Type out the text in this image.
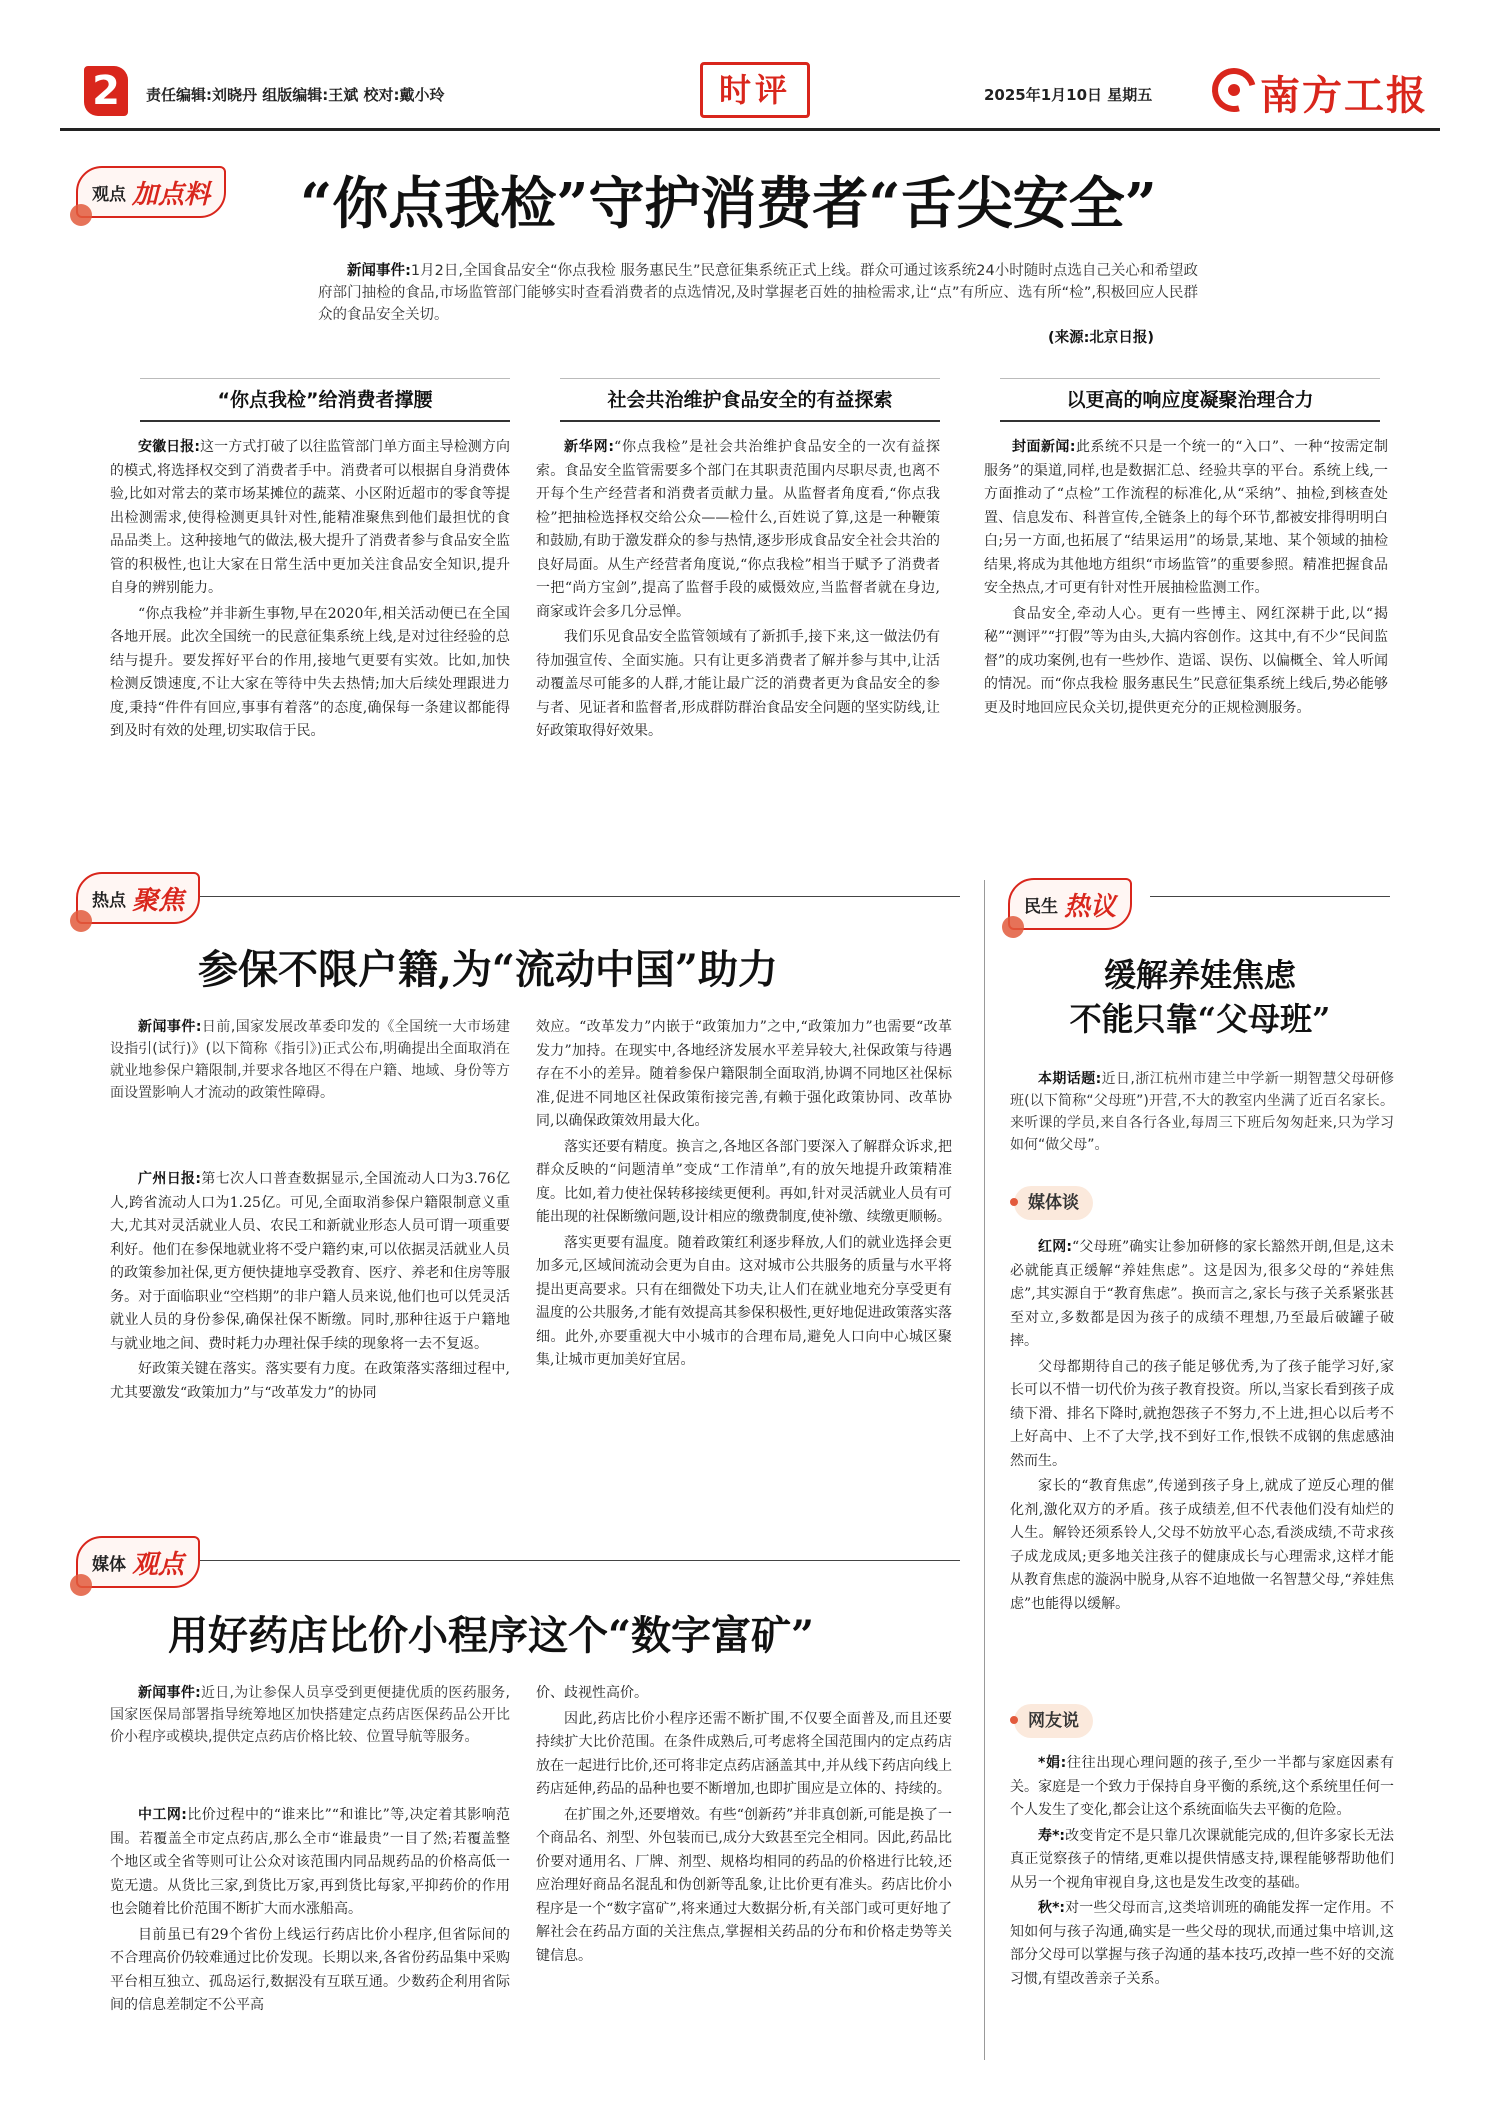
2	责任编辑:刘晓丹 组版编辑:王斌 校对:戴小玲	时评	2025年1月10日 星期五	南方工报
观点 加点料 “你点我检”守护消费者“舌尖安全”
新闻事件:1月2日,全国食品安全“你点我检 服务惠民生”民意征集系统正式上线。群众可通过该系统24小时随时点选自己关心和希望政府部门抽检的食品,市场监管部门能够实时查看消费者的点选情况,及时掌握老百姓的抽检需求,让“点”有所应、选有所“检”,积极回应人民群众的食品安全关切。
(来源:北京日报)
“你点我检”给消费者撑腰	社会共治维护食品安全的有益探索	以更高的响应度凝聚治理合力

安徽日报:这一方式打破了以往监管部门单方面主导检测方向的模式,将选择权交到了消费者手中。消费者可以根据自身消费体验,比如对常去的菜市场某摊位的蔬菜、小区附近超市的零食等提出检测需求,使得检测更具针对性,能精准聚焦到他们最担忧的食品品类上。这种接地气的做法,极大提升了消费者参与食品安全监管的积极性,也让大家在日常生活中更加关注食品安全知识,提升自身的辨别能力。

“你点我检”并非新生事物,早在2020年,相关活动便已在全国各地开展。此次全国统一的民意征集系统上线,是对过往经验的总结与提升。要发挥好平台的作用,接地气更要有实效。比如,加快检测反馈速度,不让大家在等待中失去热情;加大后续处理跟进力度,秉持“件件有回应,事事有着落”的态度,确保每一条建议都能得到及时有效的处理,切实取信于民。

新华网:“你点我检”是社会共治维护食品安全的一次有益探索。食品安全监管需要多个部门在其职责范围内尽职尽责,也离不开每个生产经营者和消费者贡献力量。从监督者角度看,“你点我检”把抽检选择权交给公众——检什么,百姓说了算,这是一种鞭策和鼓励,有助于激发群众的参与热情,逐步形成食品安全社会共治的良好局面。从生产经营者角度说,“你点我检”相当于赋予了消费者一把“尚方宝剑”,提高了监督手段的威慑效应,当监督者就在身边,商家或许会多几分忌惮。

我们乐见食品安全监管领域有了新抓手,接下来,这一做法仍有待加强宣传、全面实施。只有让更多消费者了解并参与其中,让活动覆盖尽可能多的人群,才能让最广泛的消费者更为食品安全的参与者、见证者和监督者,形成群防群治食品安全问题的坚实防线,让好政策取得好效果。

封面新闻:此系统不只是一个统一的“入口”、一种“按需定制服务”的渠道,同样,也是数据汇总、经验共享的平台。系统上线,一方面推动了“点检”工作流程的标准化,从“采纳”、抽检,到核查处置、信息发布、科普宣传,全链条上的每个环节,都被安排得明明白白;另一方面,也拓展了“结果运用”的场景,某地、某个领域的抽检结果,将成为其他地方组织“市场监管”的重要参照。精准把握食品安全热点,才可更有针对性开展抽检监测工作。

食品安全,牵动人心。更有一些博主、网红深耕于此,以“揭秘”“测评”“打假”等为由头,大搞内容创作。这其中,有不少“民间监督”的成功案例,也有一些炒作、造谣、误伤、以偏概全、耸人听闻的情况。而“你点我检 服务惠民生”民意征集系统上线后,势必能够更及时地回应民众关切,提供更充分的正规检测服务。

热点 聚焦
参保不限户籍,为“流动中国”助力

新闻事件:日前,国家发展改革委印发的《全国统一大市场建设指引(试行)》(以下简称《指引》)正式公布,明确提出全面取消在就业地参保户籍限制,并要求各地区不得在户籍、地域、身份等方面设置影响人才流动的政策性障碍。

广州日报:第七次人口普查数据显示,全国流动人口为3.76亿人,跨省流动人口为1.25亿。可见,全面取消参保户籍限制意义重大,尤其对灵活就业人员、农民工和新就业形态人员可谓一项重要利好。他们在参保地就业将不受户籍约束,可以依据灵活就业人员的政策参加社保,更方便快捷地享受教育、医疗、养老和住房等服务。对于面临职业“空档期”的非户籍人员来说,他们也可以凭灵活就业人员的身份参保,确保社保不断缴。同时,那种往返于户籍地与就业地之间、费时耗力办理社保手续的现象将一去不复返。

好政策关键在落实。落实要有力度。在政策落实落细过程中,尤其要激发“政策加力”与“改革发力”的协同

效应。“改革发力”内嵌于“政策加力”之中,“政策加力”也需要“改革发力”加持。在现实中,各地经济发展水平差异较大,社保政策与待遇存在不小的差异。随着参保户籍限制全面取消,协调不同地区社保标准,促进不同地区社保政策衔接完善,有赖于强化政策协同、改革协同,以确保政策效用最大化。

落实还要有精度。换言之,各地区各部门要深入了解群众诉求,把群众反映的“问题清单”变成“工作清单”,有的放矢地提升政策精准度。比如,着力使社保转移接续更便利。再如,针对灵活就业人员有可能出现的社保断缴问题,设计相应的缴费制度,使补缴、续缴更顺畅。

落实更要有温度。随着政策红利逐步释放,人们的就业选择会更加多元,区域间流动会更为自由。这对城市公共服务的质量与水平将提出更高要求。只有在细微处下功夫,让人们在就业地充分享受更有温度的公共服务,才能有效提高其参保积极性,更好地促进政策落实落细。此外,亦要重视大中小城市的合理布局,避免人口向中心城区聚集,让城市更加美好宜居。

民生 热议
缓解养娃焦虑
不能只靠“父母班”

本期话题:近日,浙江杭州市建兰中学新一期智慧父母研修班(以下简称“父母班”)开营,不大的教室内坐满了近百名家长。来听课的学员,来自各行各业,每周三下班后匆匆赶来,只为学习如何“做父母”。

媒体谈

红网:“父母班”确实让参加研修的家长豁然开朗,但是,这未必就能真正缓解“养娃焦虑”。这是因为,很多父母的“养娃焦虑”,其实源自于“教育焦虑”。换而言之,家长与孩子关系紧张甚至对立,多数都是因为孩子的成绩不理想,乃至最后破罐子破摔。

父母都期待自己的孩子能足够优秀,为了孩子能学习好,家长可以不惜一切代价为孩子教育投资。所以,当家长看到孩子成绩下滑、排名下降时,就抱怨孩子不努力,不上进,担心以后考不上好高中、上不了大学,找不到好工作,恨铁不成钢的焦虑感油然而生。

家长的“教育焦虑”,传递到孩子身上,就成了逆反心理的催化剂,激化双方的矛盾。孩子成绩差,但不代表他们没有灿烂的人生。解铃还须系铃人,父母不妨放平心态,看淡成绩,不苛求孩子成龙成凤;更多地关注孩子的健康成长与心理需求,这样才能从教育焦虑的漩涡中脱身,从容不迫地做一名智慧父母,“养娃焦虑”也能得以缓解。

网友说

*娟:往往出现心理问题的孩子,至少一半都与家庭因素有关。家庭是一个致力于保持自身平衡的系统,这个系统里任何一个人发生了变化,都会让这个系统面临失去平衡的危险。

寿*:改变肯定不是只靠几次课就能完成的,但许多家长无法真正觉察孩子的情绪,更难以提供情感支持,课程能够帮助他们从另一个视角审视自身,这也是发生改变的基础。

秋*:对一些父母而言,这类培训班的确能发挥一定作用。不知如何与孩子沟通,确实是一些父母的现状,而通过集中培训,这部分父母可以掌握与孩子沟通的基本技巧,改掉一些不好的交流习惯,有望改善亲子关系。

媒体 观点
用好药店比价小程序这个“数字富矿”

新闻事件:近日,为让参保人员享受到更便捷优质的医药服务,国家医保局部署指导统筹地区加快搭建定点药店医保药品公开比价小程序或模块,提供定点药店价格比较、位置导航等服务。

中工网:比价过程中的“谁来比”“和谁比”等,决定着其影响范围。若覆盖全市定点药店,那么全市“谁最贵”一目了然;若覆盖整个地区或全省等则可让公众对该范围内同品规药品的价格高低一览无遗。从货比三家,到货比万家,再到货比每家,平抑药价的作用也会随着比价范围不断扩大而水涨船高。

目前虽已有29个省份上线运行药店比价小程序,但省际间的不合理高价仍较难通过比价发现。长期以来,各省份药品集中采购平台相互独立、孤岛运行,数据没有互联互通。少数药企利用省际间的信息差制定不公平高

价、歧视性高价。

因此,药店比价小程序还需不断扩围,不仅要全面普及,而且还要持续扩大比价范围。在条件成熟后,可考虑将全国范围内的定点药店放在一起进行比价,还可将非定点药店涵盖其中,并从线下药店向线上药店延伸,药品的品种也要不断增加,也即扩围应是立体的、持续的。

在扩围之外,还要增效。有些“创新药”并非真创新,可能是换了一个商品名、剂型、外包装而已,成分大致甚至完全相同。因此,药品比价要对通用名、厂牌、剂型、规格均相同的药品的价格进行比较,还应治理好商品名混乱和伪创新等乱象,让比价更有准头。药店比价小程序是一个“数字富矿”,将来通过大数据分析,有关部门或可更好地了解社会在药品方面的关注焦点,掌握相关药品的分布和价格走势等关键信息。
